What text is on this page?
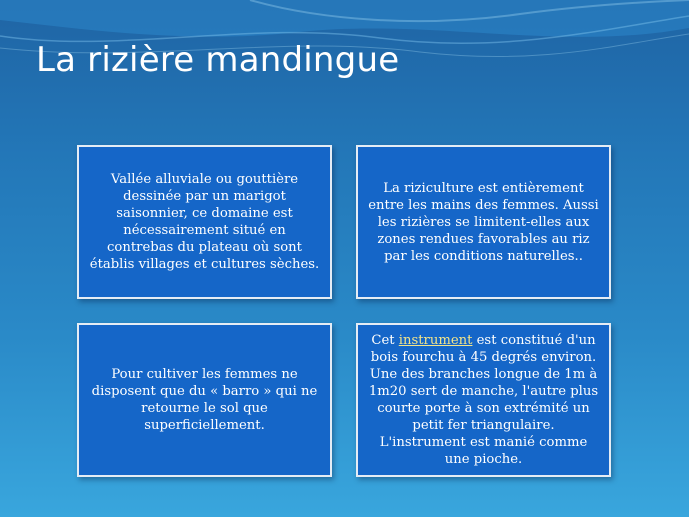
La rizière mandingue
Vallée alluviale ou gouttière dessinée par un marigot saisonnier, ce domaine est nécessairement situé en contrebas du plateau où sont établis villages et cultures sèches.
La riziculture est entièrement entre les mains des femmes. Aussi les rizières se limitent-elles aux zones rendues favorables au riz par les conditions naturelles..
Pour cultiver les femmes ne disposent que du « barro » qui ne retourne le sol que superficiellement.
Cet instrument est constitué d'un bois fourchu à 45 degrés environ. Une des branches longue de 1m à 1m20 sert de manche, l'autre plus courte porte à son extrémité un petit fer triangulaire. L'instrument est manié comme une pioche.
